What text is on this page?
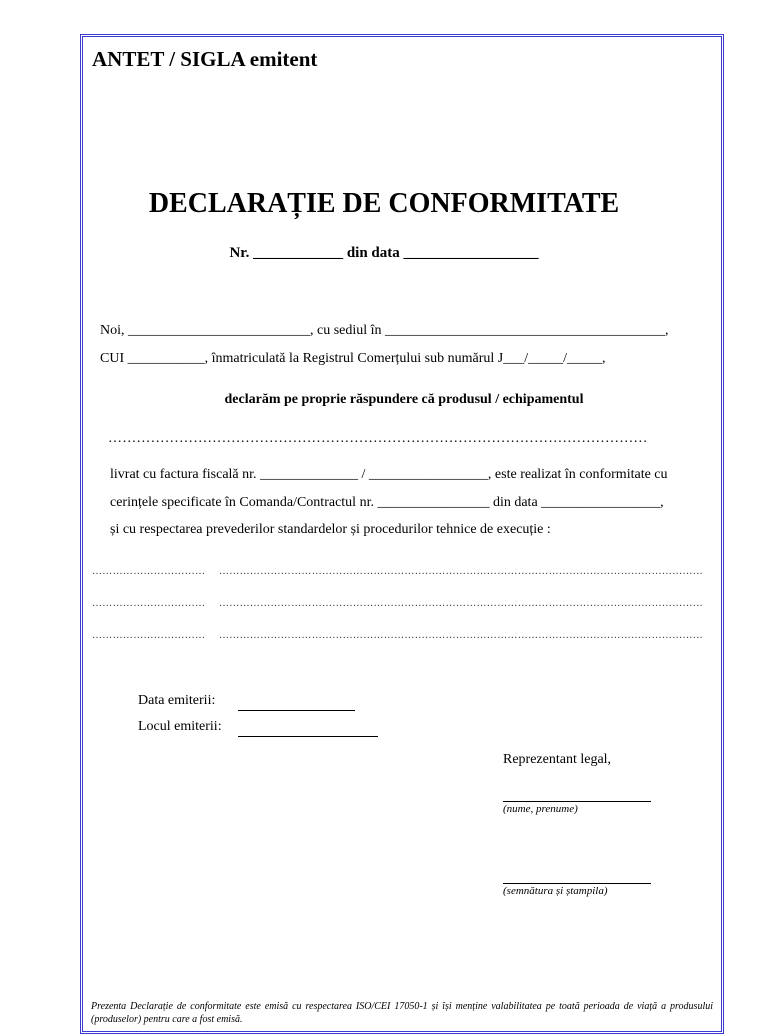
ANTET / SIGLA emitent
DECLARAȚIE DE CONFORMITATE
Nr. ____________ din data __________________
Noi, __________________________, cu sediul în ________________________________________,
CUI ___________, înmatriculată la Registrul Comerțului sub numărul J___/_____/_____,
declarăm pe proprie răspundere că produsul / echipamentul
……………………………………………………………………………………………………
livrat cu factura fiscală nr. ______________ / _________________, este realizat în conformitate cu
cerințele specificate în Comanda/Contractul nr. ________________ din data _________________,
și cu respectarea prevederilor standardelor și procedurilor tehnice de execuție :
…………………………… ……………………………………………………………………………………………………………………………
…………………………… ……………………………………………………………………………………………………………………………
…………………………… ……………………………………………………………………………………………………………………………
Data emiterii:
Locul emiterii:
Reprezentant legal,
(nume, prenume)
(semnătura și ștampila)
Prezenta Declarație de conformitate este emisă cu respectarea ISO/CEI 17050-1 și își menține valabilitatea pe toată perioada de viață a produsului (produselor) pentru care a fost emisă.
